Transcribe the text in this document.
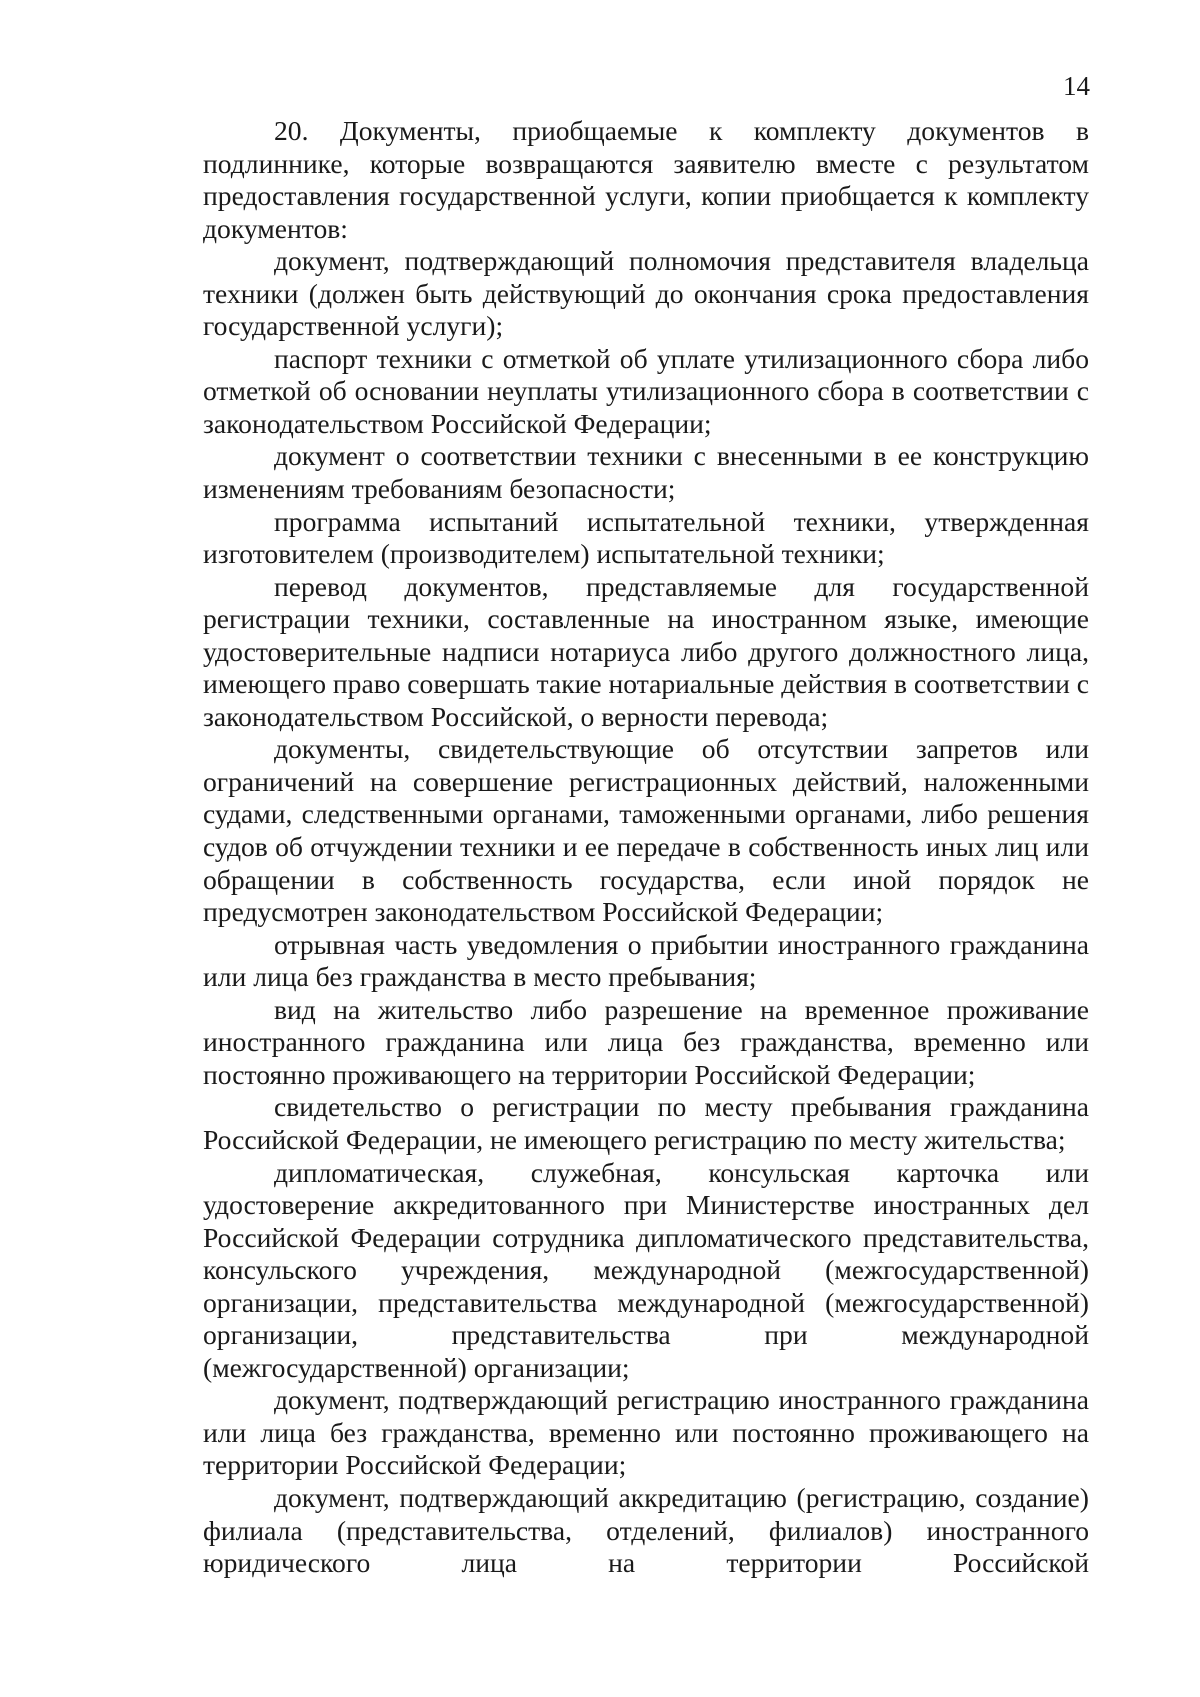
14

20. Документы, приобщаемые к комплекту документов в подлиннике, которые возвращаются заявителю вместе с результатом предоставления государственной услуги, копии приобщается к комплекту документов:

документ, подтверждающий полномочия представителя владельца техники (должен быть действующий до окончания срока предоставления государственной услуги);

паспорт техники с отметкой об уплате утилизационного сбора либо отметкой об основании неуплаты утилизационного сбора в соответствии с законодательством Российской Федерации;

документ о соответствии техники с внесенными в ее конструкцию изменениям требованиям безопасности;

программа испытаний испытательной техники, утвержденная изготовителем (производителем) испытательной техники;

перевод документов, представляемые для государственной регистрации техники, составленные на иностранном языке, имеющие удостоверительные надписи нотариуса либо другого должностного лица, имеющего право совершать такие нотариальные действия в соответствии с законодательством Российской, о верности перевода;

документы, свидетельствующие об отсутствии запретов или ограничений на совершение регистрационных действий, наложенными судами, следственными органами, таможенными органами, либо решения судов об отчуждении техники и ее передаче в собственность иных лиц или обращении в собственность государства, если иной порядок не предусмотрен законодательством Российской Федерации;

отрывная часть уведомления о прибытии иностранного гражданина или лица без гражданства в место пребывания;

вид на жительство либо разрешение на временное проживание иностранного гражданина или лица без гражданства, временно или постоянно проживающего на территории Российской Федерации;

свидетельство о регистрации по месту пребывания гражданина Российской Федерации, не имеющего регистрацию по месту жительства;

дипломатическая, служебная, консульская карточка или удостоверение аккредитованного при Министерстве иностранных дел Российской Федерации сотрудника дипломатического представительства, консульского учреждения, международной (межгосударственной) организации, представительства международной (межгосударственной) организации, представительства при международной (межгосударственной) организации;

документ, подтверждающий регистрацию иностранного гражданина или лица без гражданства, временно или постоянно проживающего на территории Российской Федерации;

документ, подтверждающий аккредитацию (регистрацию, создание) филиала (представительства, отделений, филиалов) иностранного юридического лица на территории Российской
